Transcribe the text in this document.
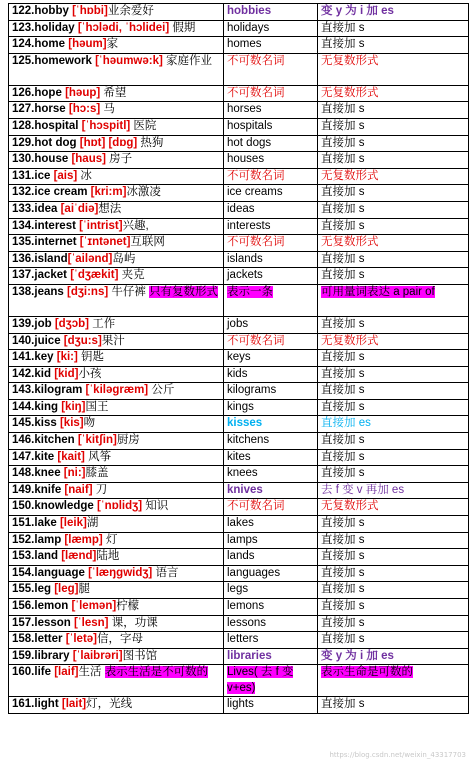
122.hobby [ˈhɒbi]业余爱好	hobbies	变 y 为 i 加 es
123.holiday [ˈhɔlədi, ˈhɔlidei] 假期	holidays	直接加 s
124.home [həum]家	homes	直接加 s
125.homework [ˈhəumwə:k] 家庭作业	不可数名词	无复数形式
126.hope [həup] 希望	不可数名词	无复数形式
127.horse [hɔ:s] 马	horses	直接加 s
128.hospital [ˈhɔspitl] 医院	hospitals	直接加 s
129.hot dog [hɒt] [dɒg] 热狗	hot dogs	直接加 s
130.house [haus] 房子	houses	直接加 s
131.ice [ais] 冰	不可数名词	无复数形式
132.ice cream [kri:m]冰激凌	ice creams	直接加 s
133.idea [aiˈdiə]想法	ideas	直接加 s
134.interest [ˈintrist]兴趣,	interests	直接加 s
135.internet [ˈɪntənet]互联网	不可数名词	无复数形式
136.island[ˈailənd]岛屿	islands	直接加 s
137.jacket [ˈdʒækit] 夹克	jackets	直接加 s
138.jeans [dʒi:ns] 牛仔裤 只有复数形式	表示一条	可用量词表达 a pair of
139.job [dʒɔb] 工作	jobs	直接加 s
140.juice [dʒu:s]果汁	不可数名词	无复数形式
141.key [ki:] 钥匙	keys	直接加 s
142.kid [kid]小孩	kids	直接加 s
143.kilogram [ˈkiləgræm] 公斤	kilograms	直接加 s
144.king [kiŋ]国王	kings	直接加 s
145.kiss [kis]吻	kisses	直接加 es
146.kitchen [ˈkitʃin]厨房	kitchens	直接加 s
147.kite [kait] 风筝	kites	直接加 s
148.knee [ni:]膝盖	knees	直接加 s
149.knife [naif] 刀	knives	去 f 变 v 再加 es
150.knowledge [ˈnɒlidʒ] 知识	不可数名词	无复数形式
151.lake [leik]湖	lakes	直接加 s
152.lamp [læmp] 灯	lamps	直接加 s
153.land [lænd]陆地	lands	直接加 s
154.language [ˈlæŋgwidʒ] 语言	languages	直接加 s
155.leg [leg]腿	legs	直接加 s
156.lemon [ˈlemən]柠檬	lemons	直接加 s
157.lesson [ˈlesn] 课，功课	lessons	直接加 s
158.letter [ˈletə]信，字母	letters	直接加 s
159.library [ˈlaibrəri]图书馆	libraries	变 y 为 i 加 es
160.life [laif]生活 表示生活是不可数的	Lives( 去 f 变 v+es)	表示生命是可数的
161.light [lait]灯，光线	lights	直接加 s
https://blog.csdn.net/weixin_43317703
